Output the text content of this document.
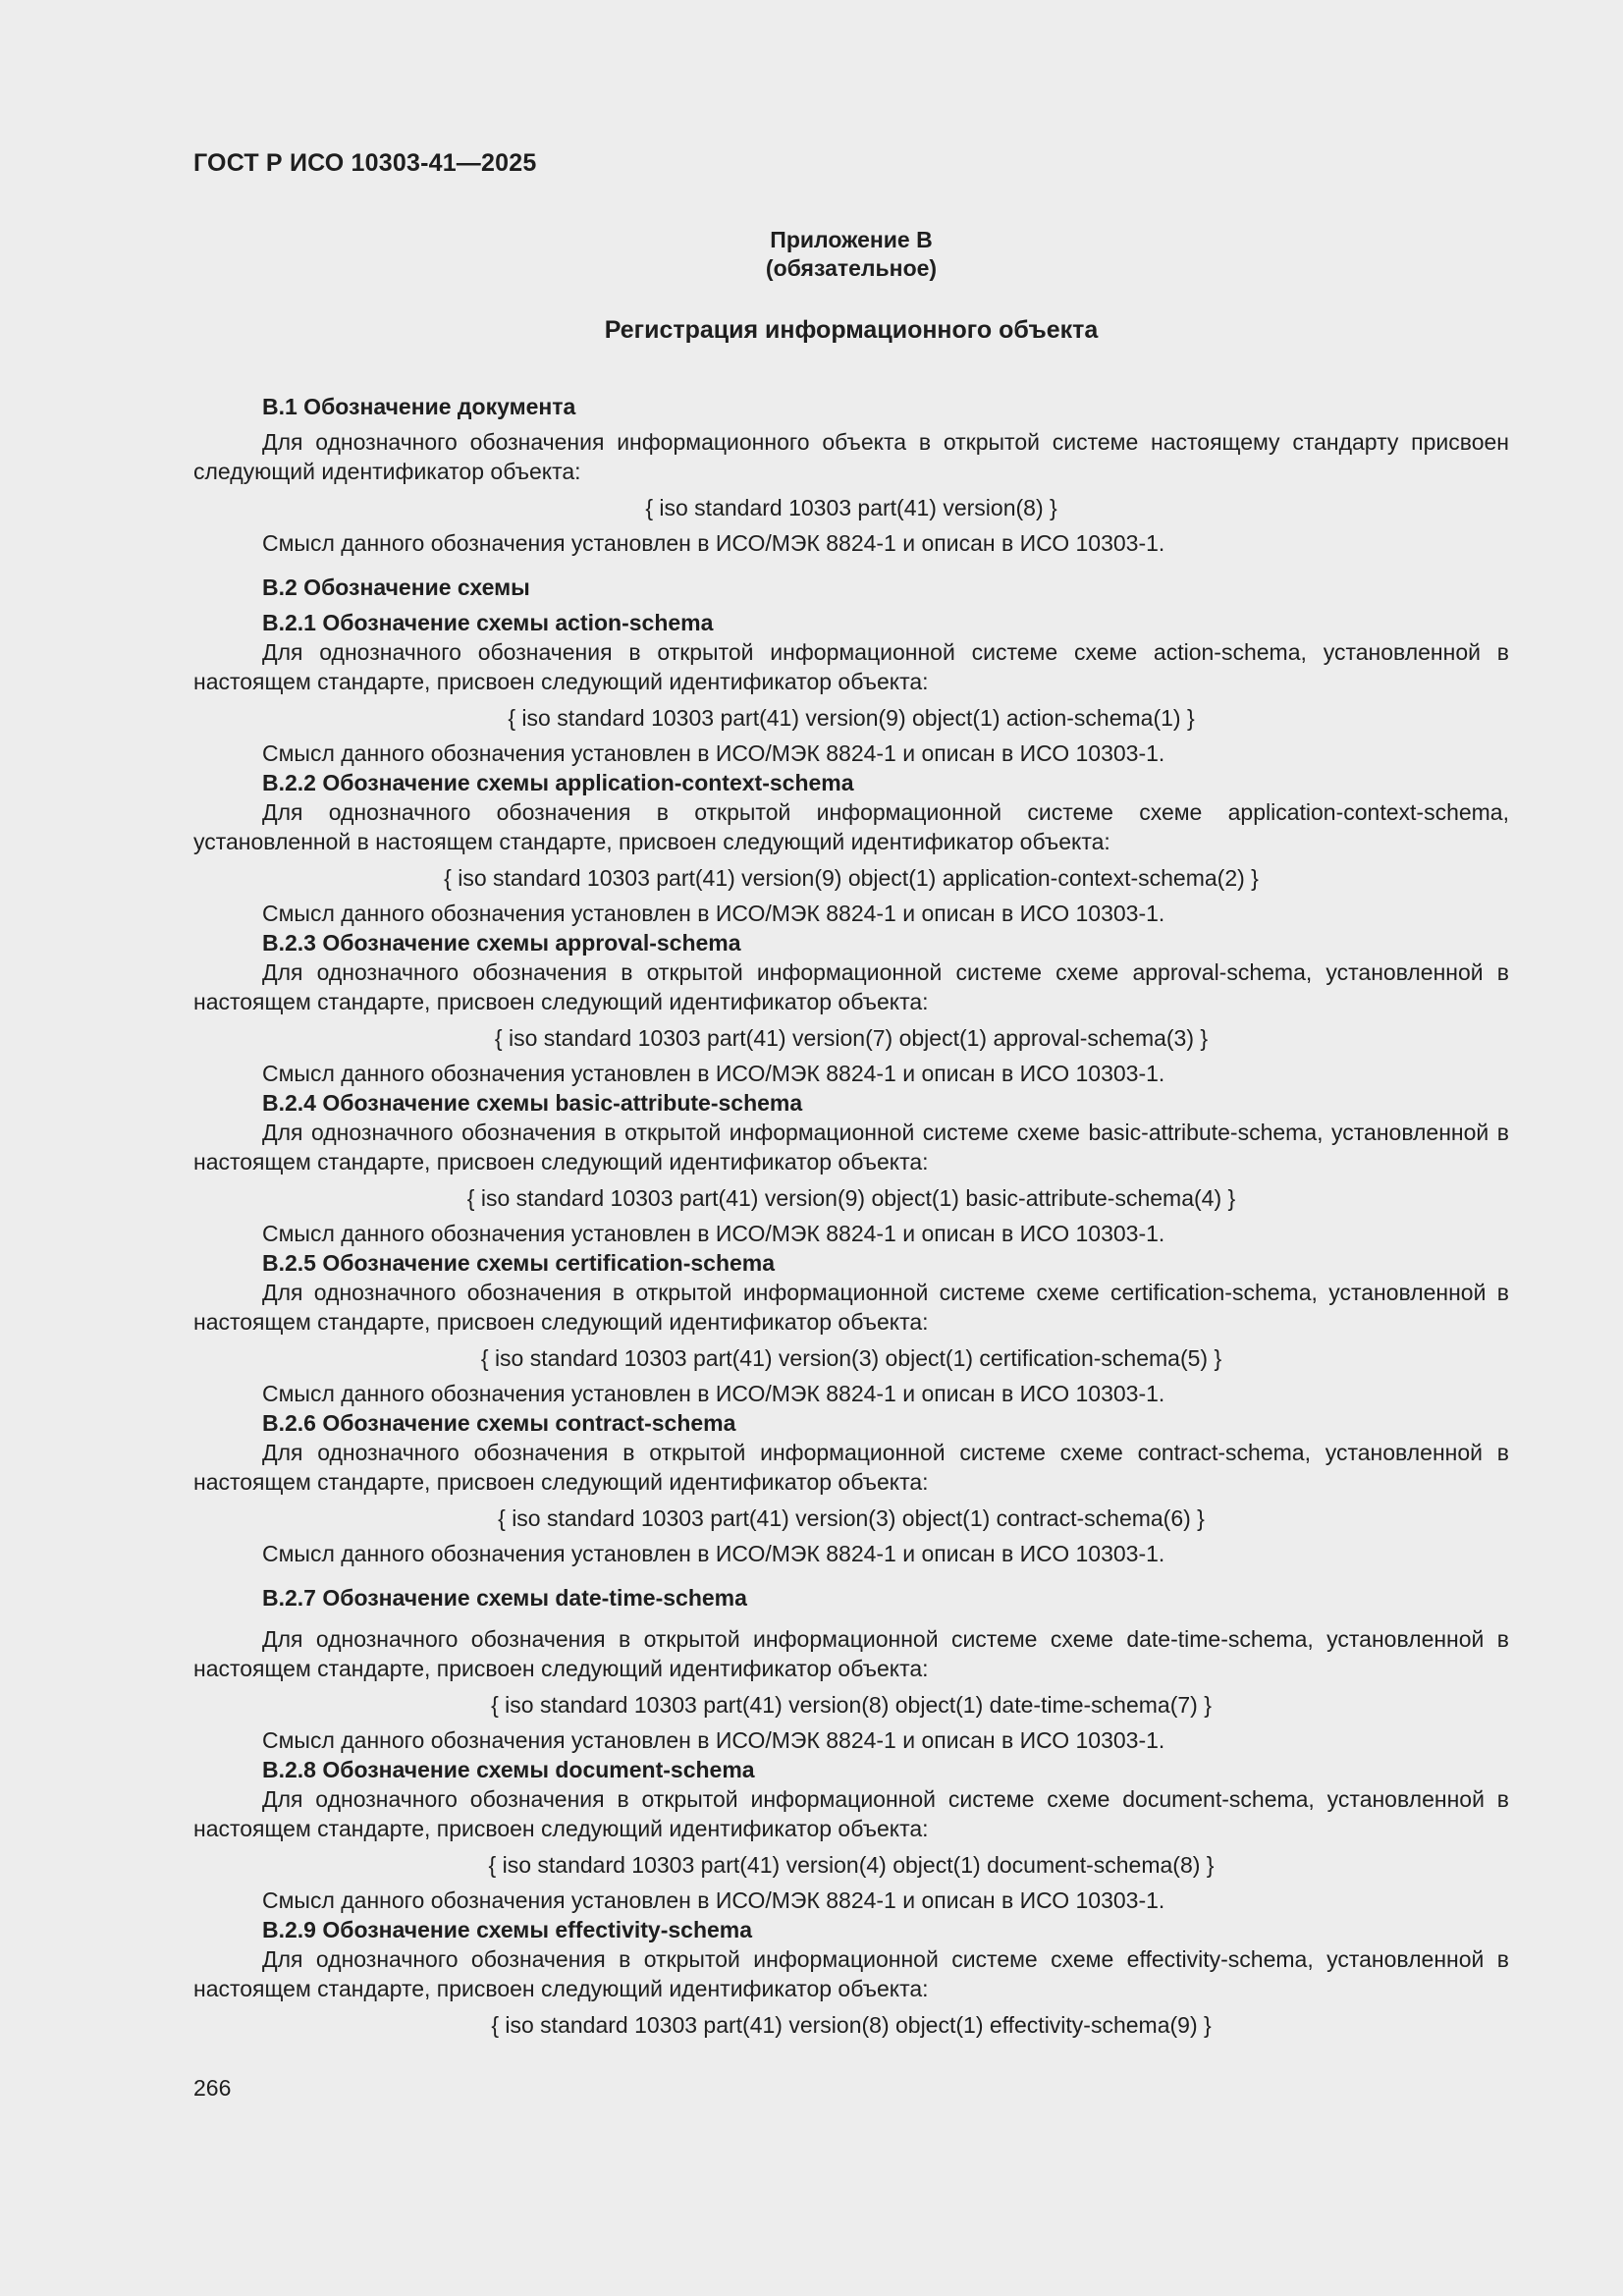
ГОСТ Р ИСО 10303-41—2025

Приложение В
(обязательное)

Регистрация информационного объекта

В.1 Обозначение документа

Для однозначного обозначения информационного объекта в открытой системе настоящему стандарту присвоен следующий идентификатор объекта:

{ iso standard 10303 part(41) version(8) }

Смысл данного обозначения установлен в ИСО/МЭК 8824-1 и описан в ИСО 10303-1.

В.2 Обозначение схемы

В.2.1 Обозначение схемы action-schema

Для однозначного обозначения в открытой информационной системе схеме action-schema, установленной в настоящем стандарте, присвоен следующий идентификатор объекта:

{ iso standard 10303 part(41) version(9) object(1) action-schema(1) }

Смысл данного обозначения установлен в ИСО/МЭК 8824-1 и описан в ИСО 10303-1.

В.2.2 Обозначение схемы application-context-schema

Для однозначного обозначения в открытой информационной системе схеме application-context-schema, установленной в настоящем стандарте, присвоен следующий идентификатор объекта:

{ iso standard 10303 part(41) version(9) object(1) application-context-schema(2) }

Смысл данного обозначения установлен в ИСО/МЭК 8824-1 и описан в ИСО 10303-1.

В.2.3 Обозначение схемы approval-schema

Для однозначного обозначения в открытой информационной системе схеме approval-schema, установленной в настоящем стандарте, присвоен следующий идентификатор объекта:

{ iso standard 10303 part(41) version(7) object(1) approval-schema(3) }

Смысл данного обозначения установлен в ИСО/МЭК 8824-1 и описан в ИСО 10303-1.

В.2.4 Обозначение схемы basic-attribute-schema

Для однозначного обозначения в открытой информационной системе схеме basic-attribute-schema, установленной в настоящем стандарте, присвоен следующий идентификатор объекта:

{ iso standard 10303 part(41) version(9) object(1) basic-attribute-schema(4) }

Смысл данного обозначения установлен в ИСО/МЭК 8824-1 и описан в ИСО 10303-1.

В.2.5 Обозначение схемы certification-schema

Для однозначного обозначения в открытой информационной системе схеме certification-schema, установленной в настоящем стандарте, присвоен следующий идентификатор объекта:

{ iso standard 10303 part(41) version(3) object(1) certification-schema(5) }

Смысл данного обозначения установлен в ИСО/МЭК 8824-1 и описан в ИСО 10303-1.

В.2.6 Обозначение схемы contract-schema

Для однозначного обозначения в открытой информационной системе схеме contract-schema, установленной в настоящем стандарте, присвоен следующий идентификатор объекта:

{ iso standard 10303 part(41) version(3) object(1) contract-schema(6) }

Смысл данного обозначения установлен в ИСО/МЭК 8824-1 и описан в ИСО 10303-1.

В.2.7 Обозначение схемы date-time-schema

Для однозначного обозначения в открытой информационной системе схеме date-time-schema, установленной в настоящем стандарте, присвоен следующий идентификатор объекта:

{ iso standard 10303 part(41) version(8) object(1) date-time-schema(7) }

Смысл данного обозначения установлен в ИСО/МЭК 8824-1 и описан в ИСО 10303-1.

В.2.8 Обозначение схемы document-schema

Для однозначного обозначения в открытой информационной системе схеме document-schema, установленной в настоящем стандарте, присвоен следующий идентификатор объекта:

{ iso standard 10303 part(41) version(4) object(1) document-schema(8) }

Смысл данного обозначения установлен в ИСО/МЭК 8824-1 и описан в ИСО 10303-1.

В.2.9 Обозначение схемы effectivity-schema

Для однозначного обозначения в открытой информационной системе схеме effectivity-schema, установленной в настоящем стандарте, присвоен следующий идентификатор объекта:

{ iso standard 10303 part(41) version(8) object(1) effectivity-schema(9) }

266
